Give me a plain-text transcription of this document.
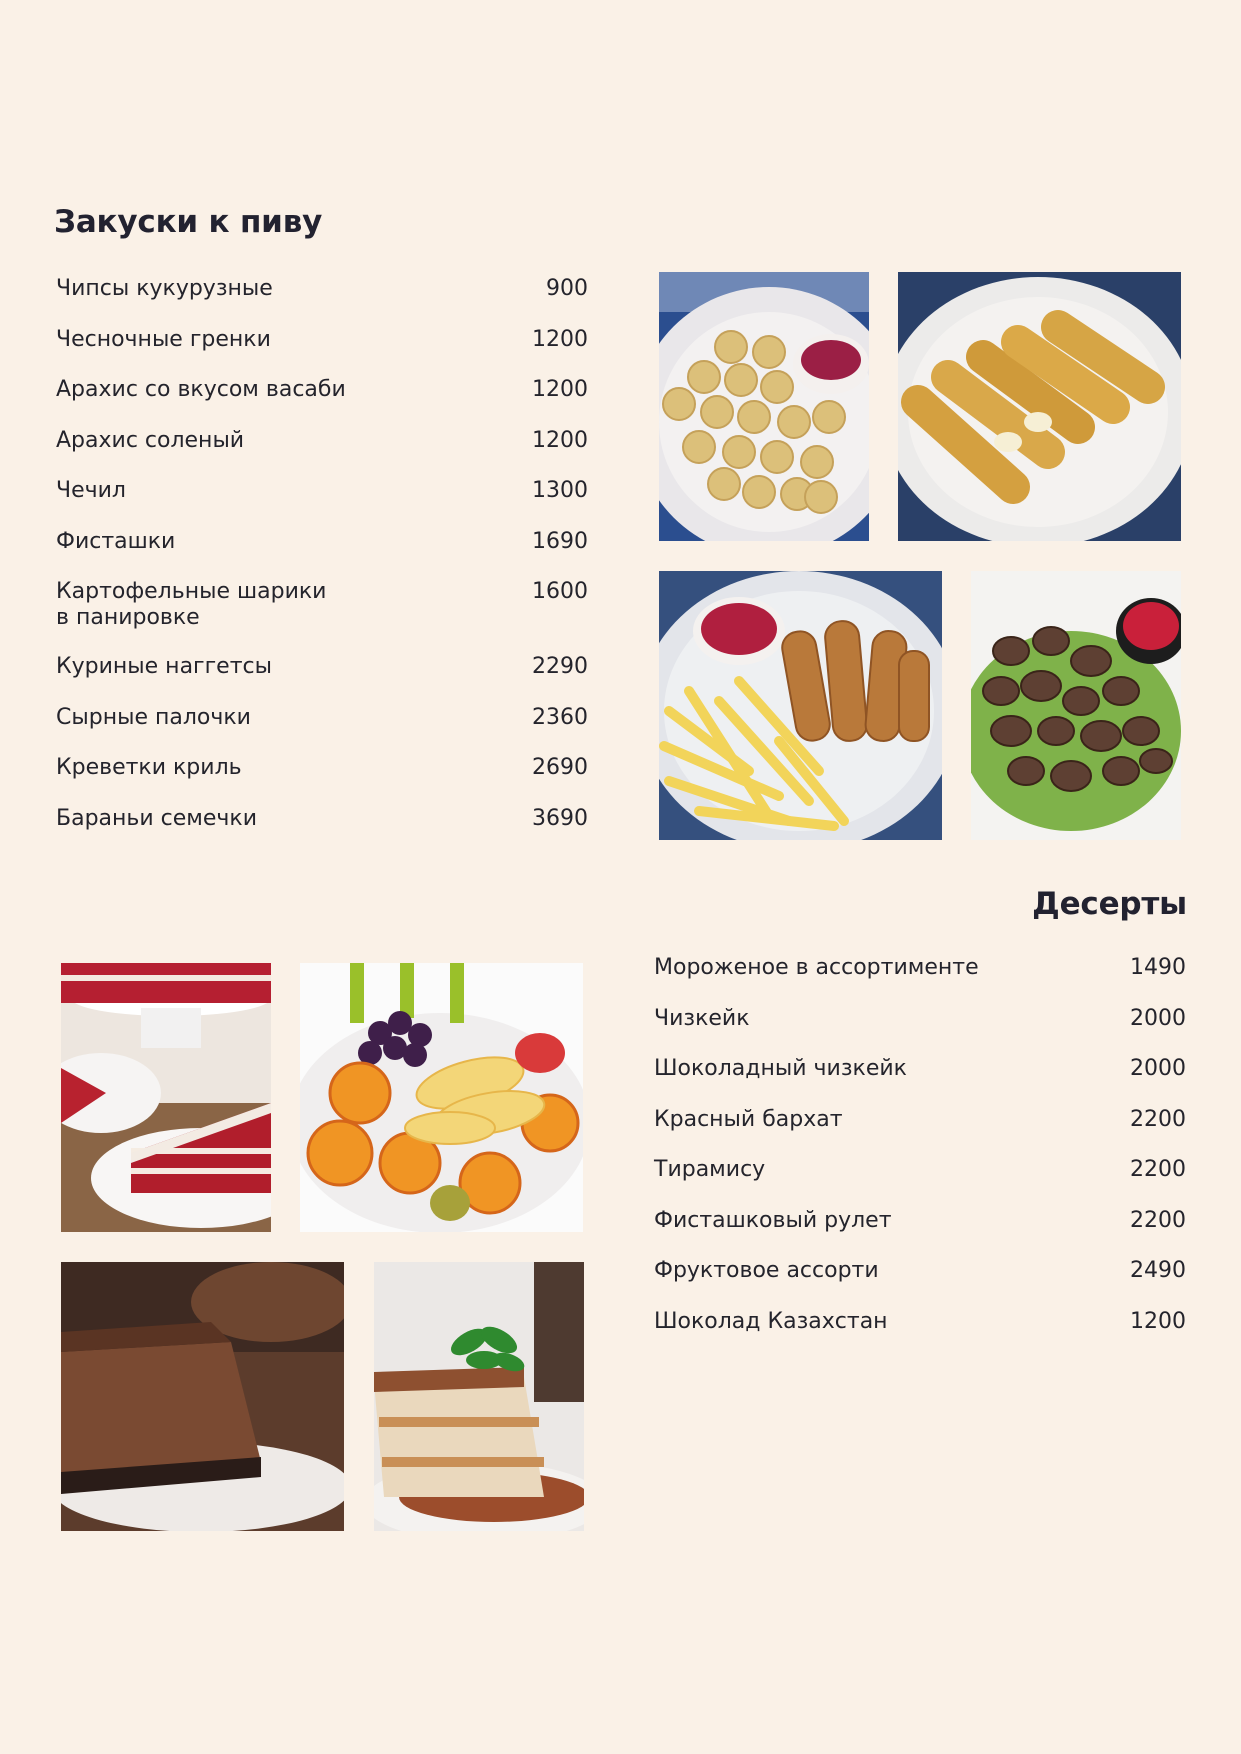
Закуски к пиву
Десерты
Чипсы кукурузные	900
Чесночные гренки	1200
Арахис со вкусом васаби	1200
Арахис соленый	1200
Чечил	1300
Фисташки	1690
Картофельные шарики
в панировке
1600
Куриные наггетсы	2290
Сырные палочки	2360
Креветки криль	2690
Бараньи семечки	3690
Мороженое в ассортименте	1490
Чизкейк	2000
Шоколадный чизкейк	2000
Красный бархат	2200
Тирамису	2200
Фисташковый рулет	2200
Фруктовое ассорти	2490
Шоколад Казахстан	1200
